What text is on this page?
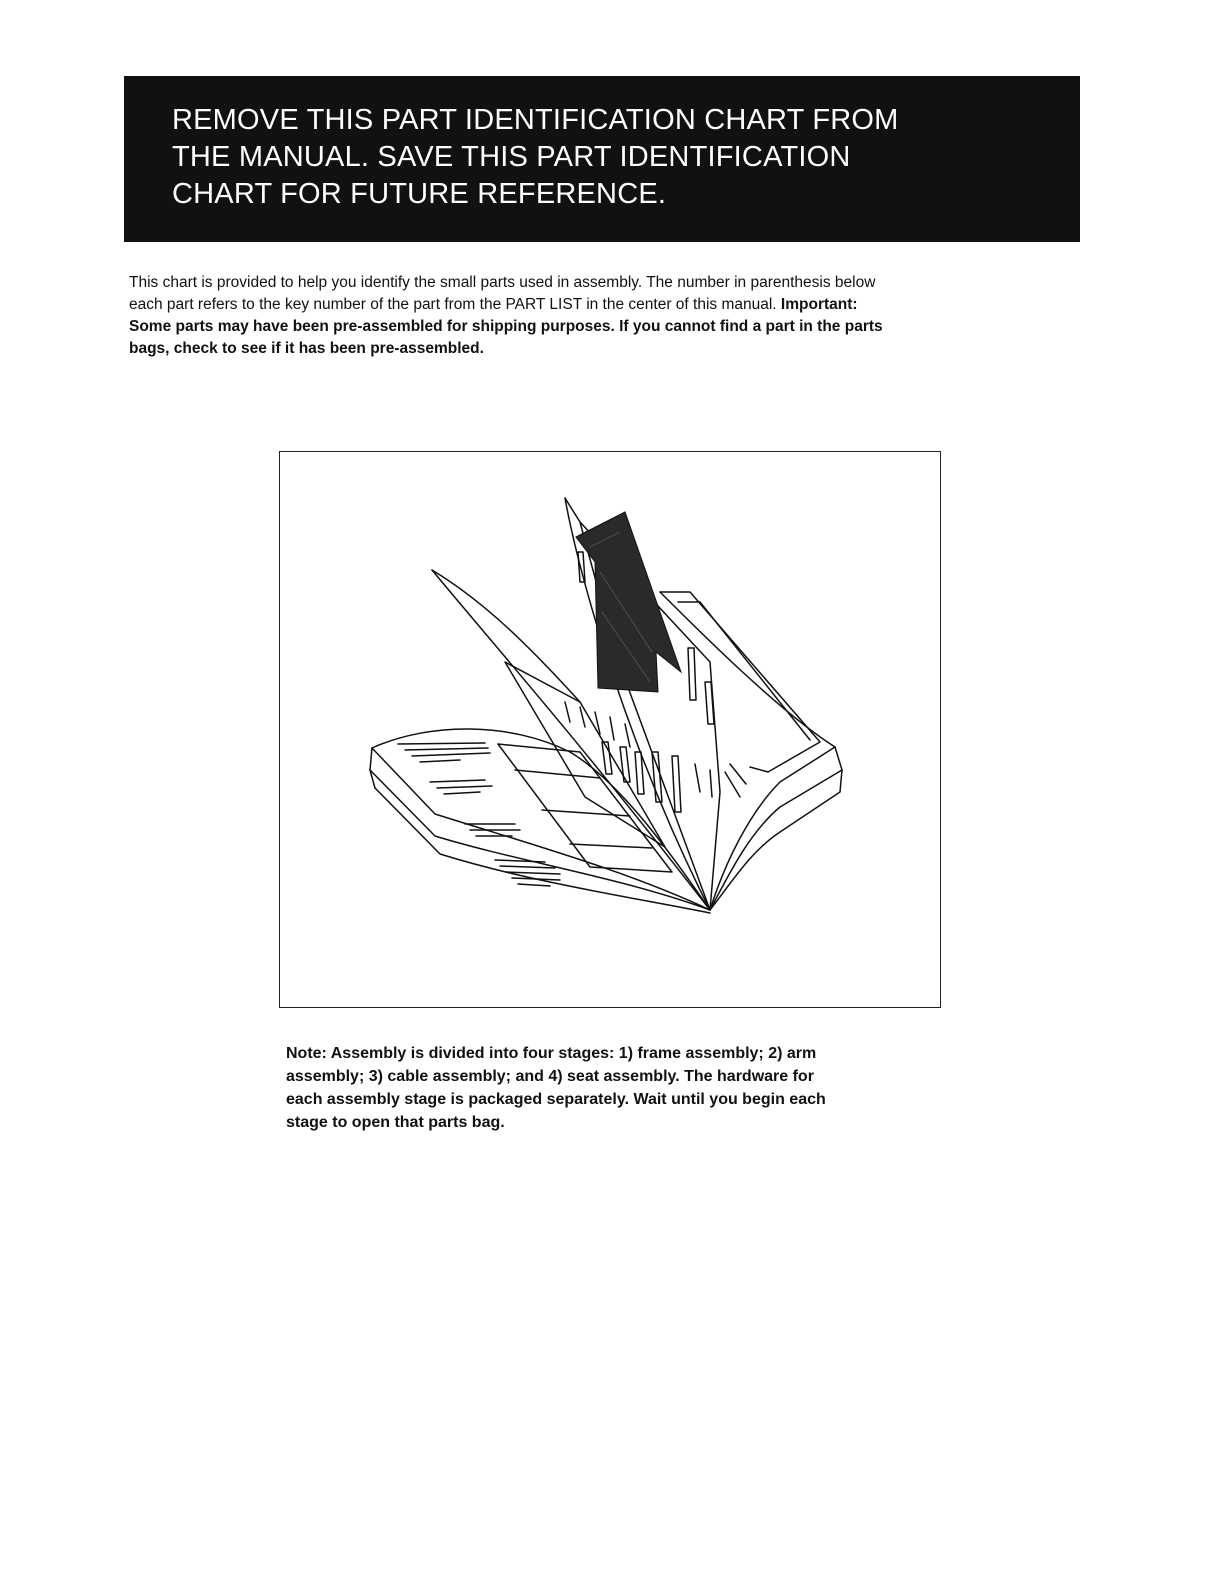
REMOVE THIS PART IDENTIFICATION CHART FROM
THE MANUAL. SAVE THIS PART IDENTIFICATION
CHART FOR FUTURE REFERENCE.
This chart is provided to help you identify the small parts used in assembly. The number in parenthesis below
each part refers to the key number of the part from the PART LIST in the center of this manual. Important:
Some parts may have been pre-assembled for shipping purposes. If you cannot find a part in the parts
bags, check to see if it has been pre-assembled.
Note: Assembly is divided into four stages: 1) frame assembly; 2) arm
assembly; 3) cable assembly; and 4) seat assembly. The hardware for
each assembly stage is packaged separately. Wait until you begin each
stage to open that parts bag.
